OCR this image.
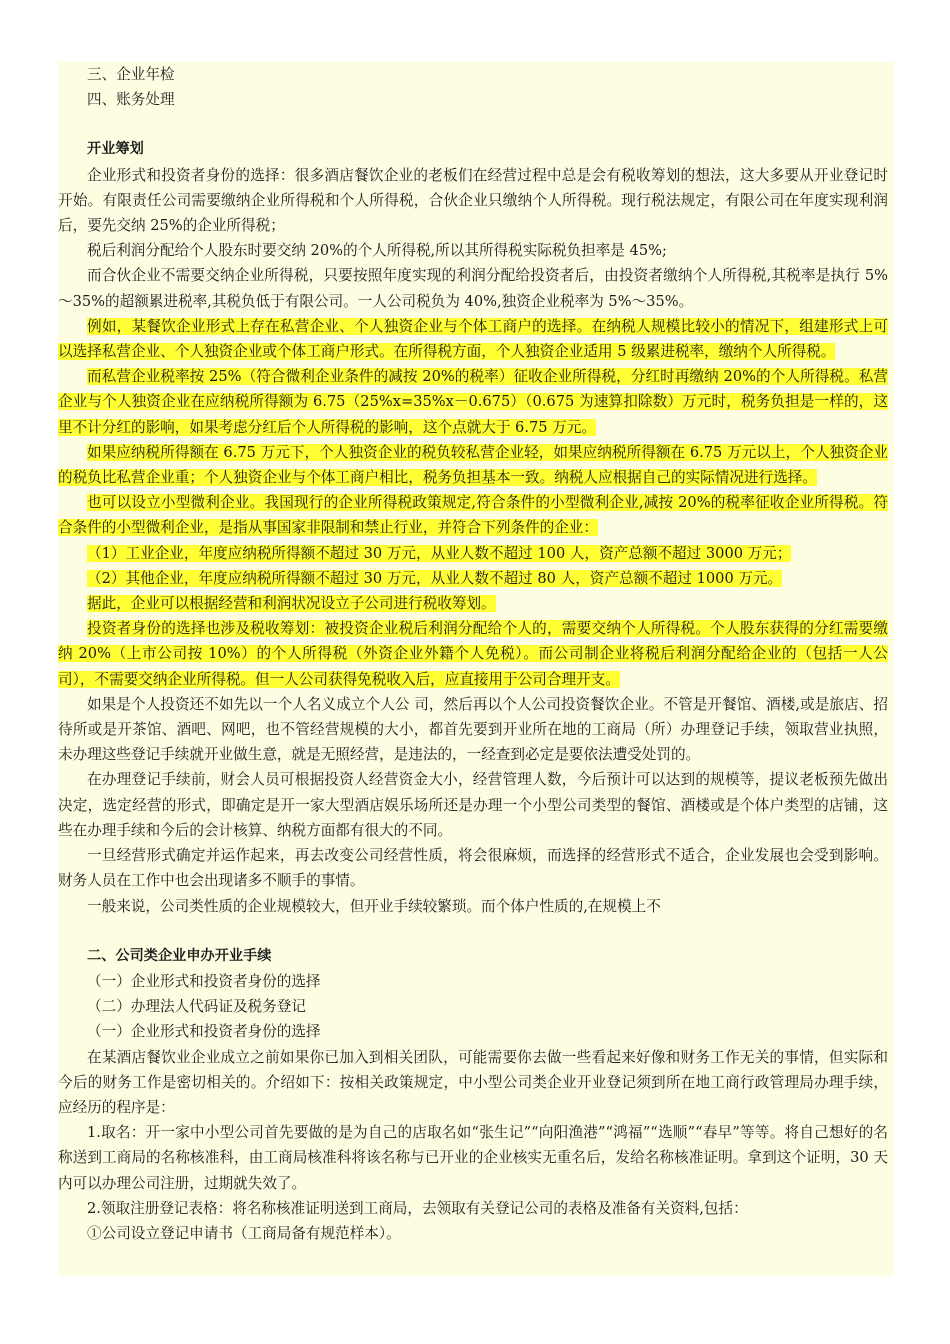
三、企业年检

四、账务处理

开业筹划

企业形式和投资者身份的选择：很多酒店餐饮企业的老板们在经营过程中总是会有税收筹划的想法，这大多要从开业登记时开始。有限责任公司需要缴纳企业所得税和个人所得税，合伙企业只缴纳个人所得税。现行税法规定，有限公司在年度实现利润后，要先交纳 25%的企业所得税；

税后利润分配给个人股东时要交纳 20%的个人所得税,所以其所得税实际税负担率是 45%;

而合伙企业不需要交纳企业所得税，只要按照年度实现的利润分配给投资者后，由投资者缴纳个人所得税,其税率是执行 5%～35%的超额累进税率,其税负低于有限公司。一人公司税负为 40%,独资企业税率为 5%～35%。

例如，某餐饮企业形式上存在私营企业、个人独资企业与个体工商户的选择。在纳税人规模比较小的情况下，组建形式上可以选择私营企业、个人独资企业或个体工商户形式。在所得税方面，个人独资企业适用 5 级累进税率，缴纳个人所得税。

而私营企业税率按 25%（符合微利企业条件的减按 20%的税率）征收企业所得税，分红时再缴纳 20%的个人所得税。私营企业与个人独资企业在应纳税所得额为 6.75（25%x=35%x－0.675）（0.675 为速算扣除数）万元时，税务负担是一样的，这里不计分红的影响，如果考虑分红后个人所得税的影响，这个点就大于 6.75 万元。

如果应纳税所得额在 6.75 万元下，个人独资企业的税负较私营企业轻，如果应纳税所得额在 6.75 万元以上，个人独资企业的税负比私营企业重；个人独资企业与个体工商户相比，税务负担基本一致。纳税人应根据自己的实际情况进行选择。

也可以设立小型微利企业。我国现行的企业所得税政策规定,符合条件的小型微利企业,减按 20%的税率征收企业所得税。符合条件的小型微利企业，是指从事国家非限制和禁止行业，并符合下列条件的企业：

（1）工业企业，年度应纳税所得额不超过 30 万元，从业人数不超过 100 人，资产总额不超过 3000 万元；

（2）其他企业，年度应纳税所得额不超过 30 万元，从业人数不超过 80 人，资产总额不超过 1000 万元。

据此，企业可以根据经营和利润状况设立子公司进行税收筹划。

投资者身份的选择也涉及税收筹划：被投资企业税后利润分配给个人的，需要交纳个人所得税。个人股东获得的分红需要缴纳 20%（上市公司按 10%）的个人所得税（外资企业外籍个人免税）。而公司制企业将税后利润分配给企业的（包括一人公司），不需要交纳企业所得税。但一人公司获得免税收入后，应直接用于公司合理开支。

如果是个人投资还不如先以一个人名义成立个人公 司，然后再以个人公司投资餐饮企业。不管是开餐馆、酒楼,或是旅店、招待所或是开茶馆、酒吧、网吧，也不管经营规模的大小，都首先要到开业所在地的工商局（所）办理登记手续，领取营业执照，未办理这些登记手续就开业做生意，就是无照经营，是违法的，一经查到必定是要依法遭受处罚的。

在办理登记手续前，财会人员可根据投资人经营资金大小，经营管理人数，今后预计可以达到的规模等，提议老板预先做出决定，选定经营的形式，即确定是开一家大型酒店娱乐场所还是办理一个小型公司类型的餐馆、酒楼或是个体户类型的店铺，这些在办理手续和今后的会计核算、纳税方面都有很大的不同。

一旦经营形式确定并运作起来，再去改变公司经营性质，将会很麻烦，而选择的经营形式不适合，企业发展也会受到影响。财务人员在工作中也会出现诸多不顺手的事情。

一般来说，公司类性质的企业规模较大，但开业手续较繁琐。而个体户性质的,在规模上不

二、公司类企业申办开业手续

（一）企业形式和投资者身份的选择

（二）办理法人代码证及税务登记

（一）企业形式和投资者身份的选择

在某酒店餐饮业企业成立之前如果你已加入到相关团队，可能需要你去做一些看起来好像和财务工作无关的事情，但实际和今后的财务工作是密切相关的。介绍如下：按相关政策规定，中小型公司类企业开业登记须到所在地工商行政管理局办理手续，应经历的程序是：

1.取名：开一家中小型公司首先要做的是为自己的店取名如“张生记”“向阳渔港”“鸿福”“选顺”“春早”等等。将自己想好的名称送到工商局的名称核准科，由工商局核准科将该名称与已开业的企业核实无重名后，发给名称核准证明。拿到这个证明，30 天内可以办理公司注册，过期就失效了。

2.领取注册登记表格：将名称核准证明送到工商局，去领取有关登记公司的表格及准备有关资料,包括：

①公司设立登记申请书（工商局备有规范样本）。
